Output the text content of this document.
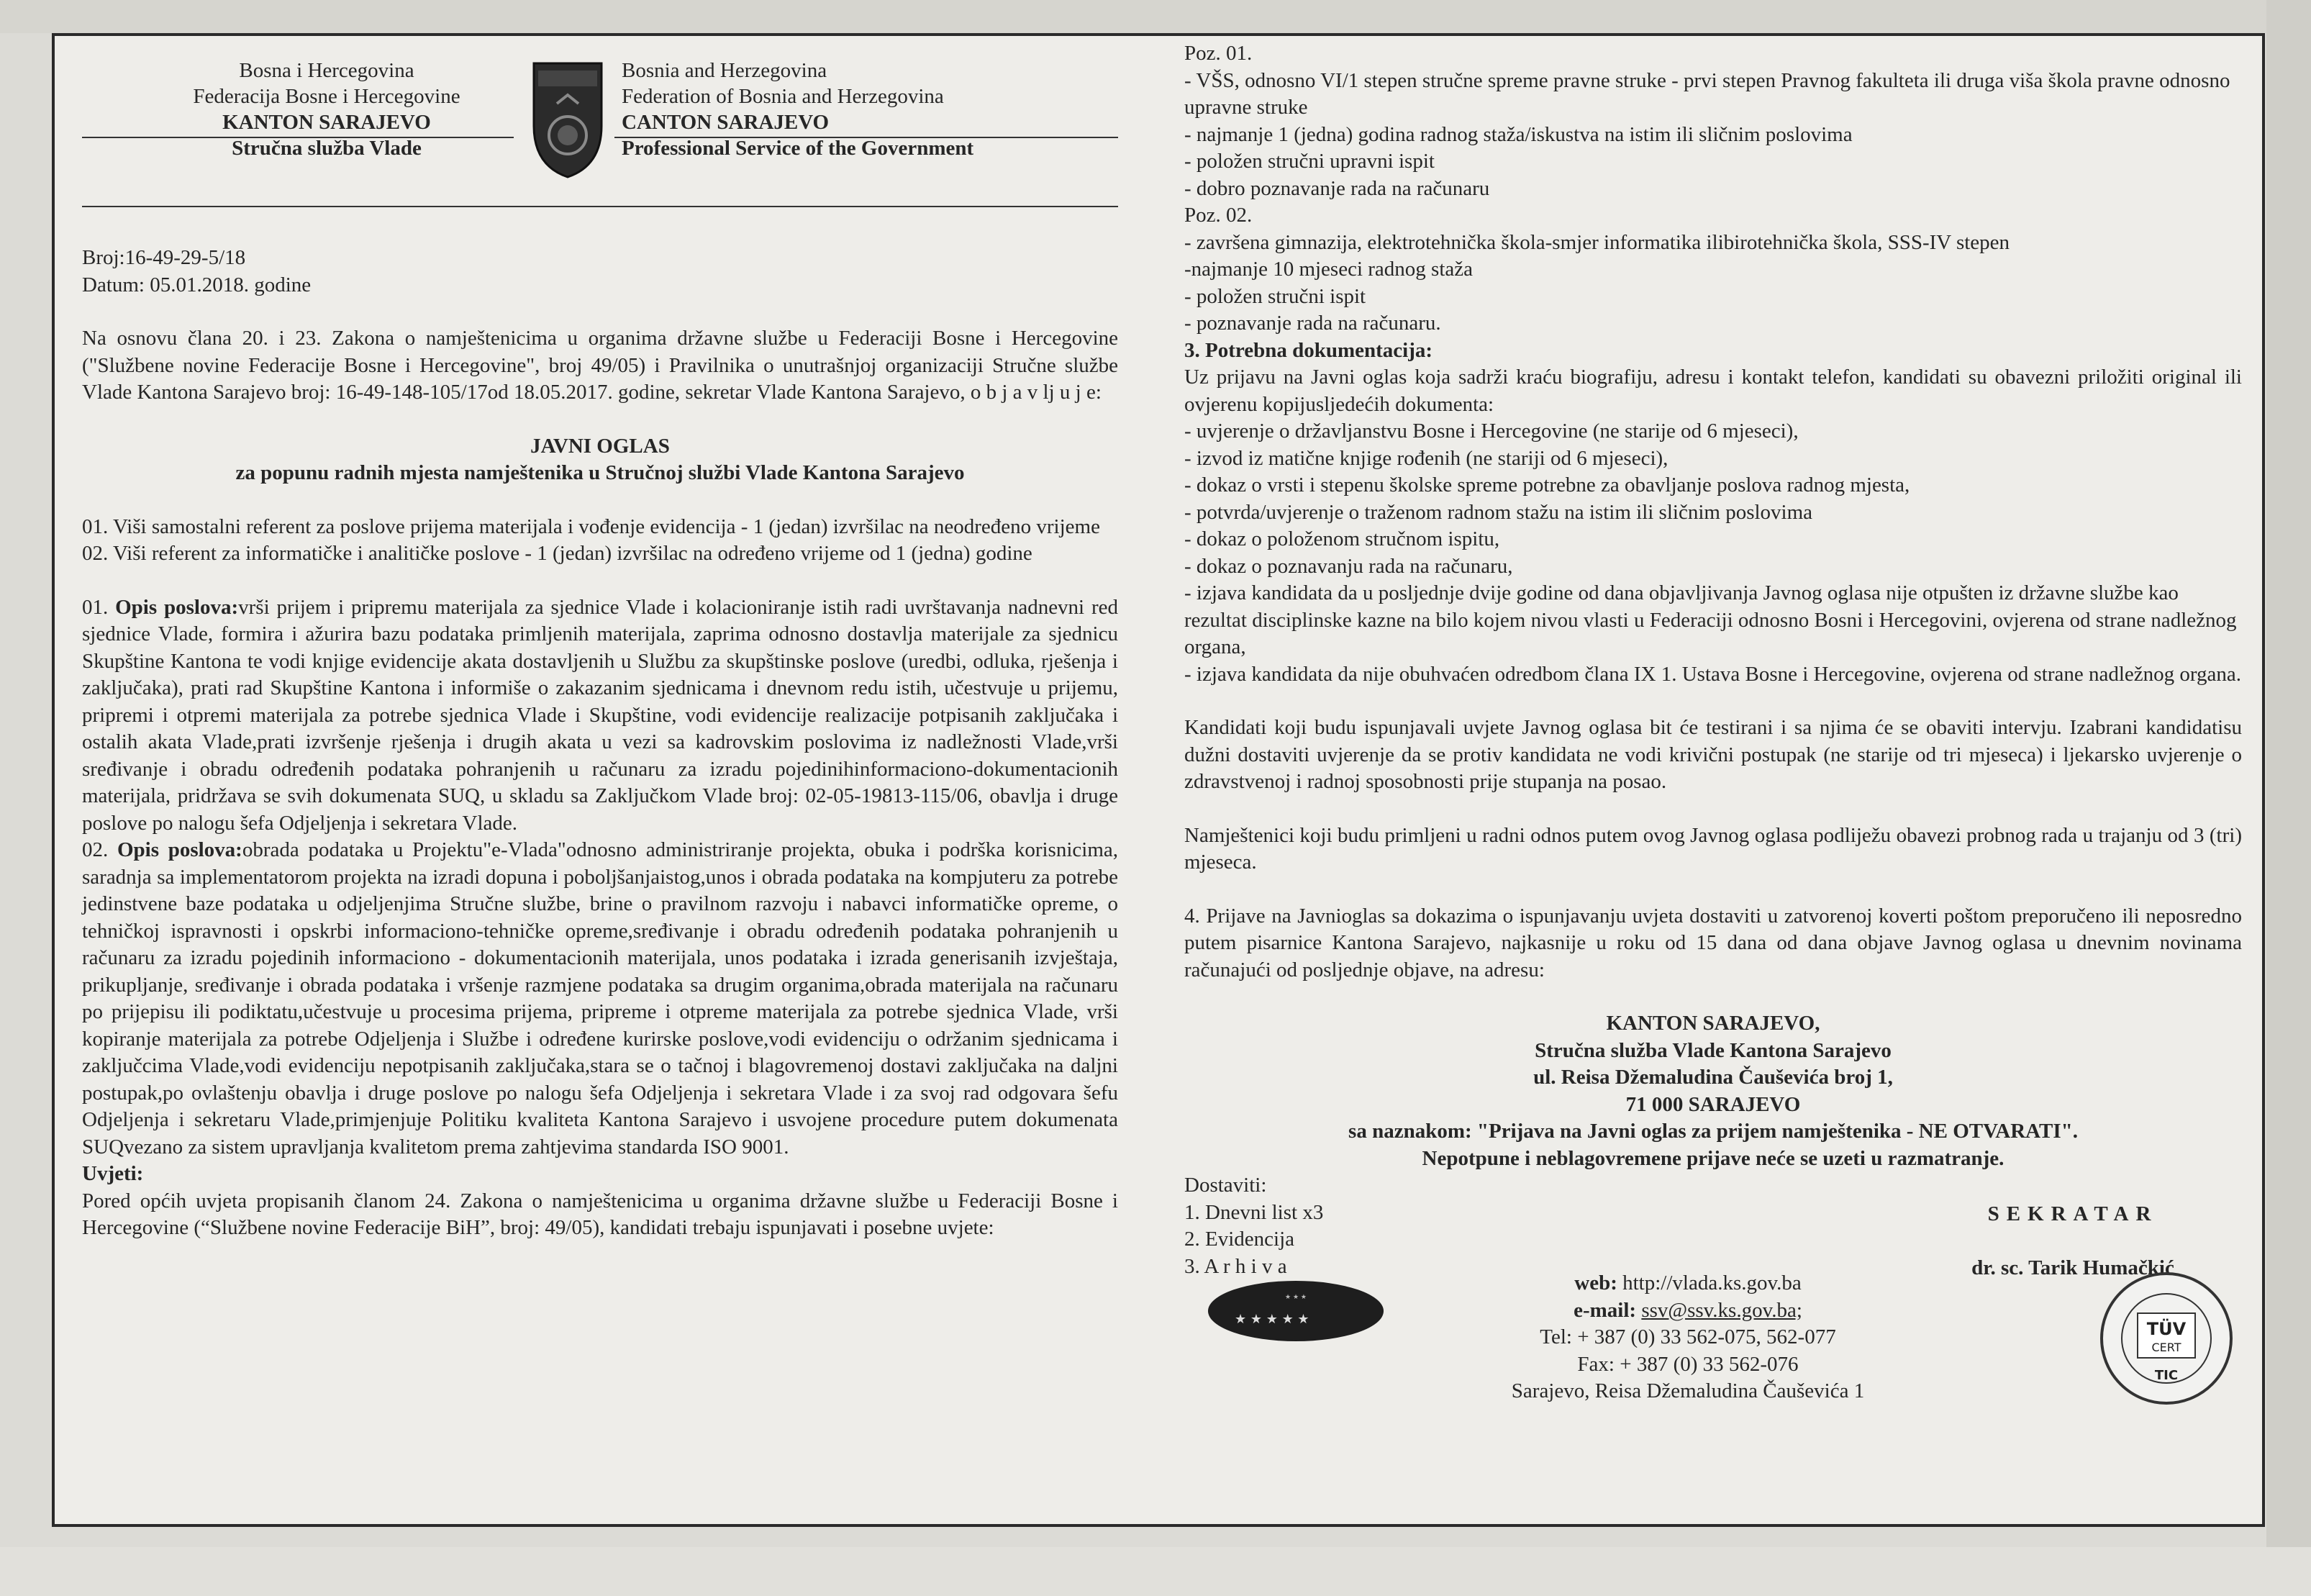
Bosna i Hercegovina
Federacija Bosne i Hercegovine
KANTON SARAJEVO
Stručna služba Vlade
Bosnia and Herzegovina
Federation of Bosnia and Herzegovina
CANTON SARAJEVO
Professional Service of the Government

Broj:16-49-29-5/18

Datum: 05.01.2018. godine

Na osnovu člana 20. i 23. Zakona o namještenicima u organima državne službe u Federaciji Bosne i Hercegovine ("Službene novine Federacije Bosne i Hercegovine", broj 49/05) i Pravilnika o unutrašnjoj organizaciji Stručne službe Vlade Kantona Sarajevo broj: 16-49-148-105/17od 18.05.2017. godine, sekretar Vlade Kantona Sarajevo, o b j a v lj u j e:

JAVNI OGLAS

za popunu radnih mjesta namještenika u Stručnoj službi Vlade Kantona Sarajevo

01. Viši samostalni referent za poslove prijema materijala i vođenje evidencija - 1 (jedan) izvršilac na neodređeno vrijeme

02. Viši referent za informatičke i analitičke poslove - 1 (jedan) izvršilac na određeno vrijeme od 1 (jedna) godine

01. Opis poslova:vrši prijem i pripremu materijala za sjednice Vlade i kolacioniranje istih radi uvrštavanja nadnevni red sjednice Vlade, formira i ažurira bazu podataka primljenih materijala, zaprima odnosno dostavlja materijale za sjednicu Skupštine Kantona te vodi knjige evidencije akata dostavljenih u Službu za skupštinske poslove (uredbi, odluka, rješenja i zaključaka), prati rad Skupštine Kantona i informiše o zakazanim sjednicama i dnevnom redu istih, učestvuje u prijemu, pripremi i otpremi materijala za potrebe sjednica Vlade i Skupštine, vodi evidencije realizacije potpisanih zaključaka i ostalih akata Vlade,prati izvršenje rješenja i drugih akata u vezi sa kadrovskim poslovima iz nadležnosti Vlade,vrši sređivanje i obradu određenih podataka pohranjenih u računaru za izradu pojedinihinformaciono-dokumentacionih materijala, pridržava se svih dokumenata SUQ, u skladu sa Zaključkom Vlade broj: 02-05-19813-115/06, obavlja i druge poslove po nalogu šefa Odjeljenja i sekretara Vlade.

02. Opis poslova:obrada podataka u Projektu"e-Vlada"odnosno administriranje projekta, obuka i podrška korisnicima, saradnja sa implementatorom projekta na izradi dopuna i poboljšanjaistog,unos i obrada podataka na kompjuteru za potrebe jedinstvene baze podataka u odjeljenjima Stručne službe, brine o pravilnom razvoju i nabavci informatičke opreme, o tehničkoj ispravnosti i opskrbi informaciono-tehničke opreme,sređivanje i obradu određenih podataka pohranjenih u računaru za izradu pojedinih informaciono - dokumentacionih materijala, unos podataka i izrada generisanih izvještaja, prikupljanje, sređivanje i obrada podataka i vršenje razmjene podataka sa drugim organima,obrada materijala na računaru po prijepisu ili podiktatu,učestvuje u procesima prijema, pripreme i otpreme materijala za potrebe sjednica Vlade, vrši kopiranje materijala za potrebe Odjeljenja i Službe i određene kurirske poslove,vodi evidenciju o održanim sjednicama i zaključcima Vlade,vodi evidenciju nepotpisanih zaključaka,stara se o tačnoj i blagovremenoj dostavi zaključaka na daljni postupak,po ovlaštenju obavlja i druge poslove po nalogu šefa Odjeljenja i sekretara Vlade i za svoj rad odgovara šefu Odjeljenja i sekretaru Vlade,primjenjuje Politiku kvaliteta Kantona Sarajevo i usvojene procedure putem dokumenata SUQvezano za sistem upravljanja kvalitetom prema zahtjevima standarda ISO 9001.

Uvjeti:

Pored općih uvjeta propisanih članom 24. Zakona o namještenicima u organima državne službe u Federaciji Bosne i Hercegovine (“Službene novine Federacije BiH”, broj: 49/05), kandidati trebaju ispunjavati i posebne uvjete:

Poz. 01.

- VŠS, odnosno VI/1 stepen stručne spreme pravne struke - prvi stepen Pravnog fakulteta ili druga viša škola pravne odnosno upravne struke

- najmanje 1 (jedna) godina radnog staža/iskustva na istim ili sličnim poslovima

- položen stručni upravni ispit

- dobro poznavanje rada na računaru

Poz. 02.

- završena gimnazija, elektrotehnička škola-smjer informatika ilibirotehnička škola, SSS-IV stepen

-najmanje 10 mjeseci radnog staža

- položen stručni ispit

- poznavanje rada na računaru.

3. Potrebna dokumentacija:

Uz prijavu na Javni oglas koja sadrži kraću biografiju, adresu i kontakt telefon, kandidati su obavezni priložiti original ili ovjerenu kopijusljedećih dokumenta:

- uvjerenje o državljanstvu Bosne i Hercegovine (ne starije od 6 mjeseci),

- izvod iz matične knjige rođenih (ne stariji od 6 mjeseci),

- dokaz o vrsti i stepenu školske spreme potrebne za obavljanje poslova radnog mjesta,

- potvrda/uvjerenje o traženom radnom stažu na istim ili sličnim poslovima

- dokaz o položenom stručnom ispitu,

- dokaz o poznavanju rada na računaru,

- izjava kandidata da u posljednje dvije godine od dana objavljivanja Javnog oglasa nije otpušten iz državne službe kao rezultat disciplinske kazne na bilo kojem nivou vlasti u Federaciji odnosno Bosni i Hercegovini, ovjerena od strane nadležnog organa,

- izjava kandidata da nije obuhvaćen odredbom člana IX 1. Ustava Bosne i Hercegovine, ovjerena od strane nadležnog organa.

Kandidati koji budu ispunjavali uvjete Javnog oglasa bit će testirani i sa njima će se obaviti intervju. Izabrani kandidatisu dužni dostaviti uvjerenje da se protiv kandidata ne vodi krivični postupak (ne starije od tri mjeseca) i ljekarsko uvjerenje o zdravstvenoj i radnoj sposobnosti prije stupanja na posao.

Namještenici koji budu primljeni u radni odnos putem ovog Javnog oglasa podliježu obavezi probnog rada u trajanju od 3 (tri) mjeseca.

4. Prijave na Javnioglas sa dokazima o ispunjavanju uvjeta dostaviti u zatvorenoj koverti poštom preporučeno ili neposredno putem pisarnice Kantona Sarajevo, najkasnije u roku od 15 dana od dana objave Javnog oglasa u dnevnim novinama računajući od posljednje objave, na adresu:

KANTON SARAJEVO,

Stručna služba Vlade Kantona Sarajevo

ul. Reisa Džemaludina Čauševića broj 1,

71 000 SARAJEVO

sa naznakom: "Prijava na Javni oglas za prijem namještenika - NE OTVARATI".

Nepotpune i neblagovremene prijave neće se uzeti u razmatranje.

Dostaviti:

1. Dnevni list x3

2. Evidencija

3. A r h i v a

SEKRATAR

dr. sc. Tarik Humačkić

★ ★ ★
★ ★ ★ ★ ★

web: http://vlada.ks.gov.ba

e-mail: ssv@ssv.ks.gov.ba;

Tel: + 387 (0) 33 562-075, 562-077

Fax: + 387 (0) 33 562-076

Sarajevo, Reisa Džemaludina Čauševića 1

TÜV
CERT
TIC
